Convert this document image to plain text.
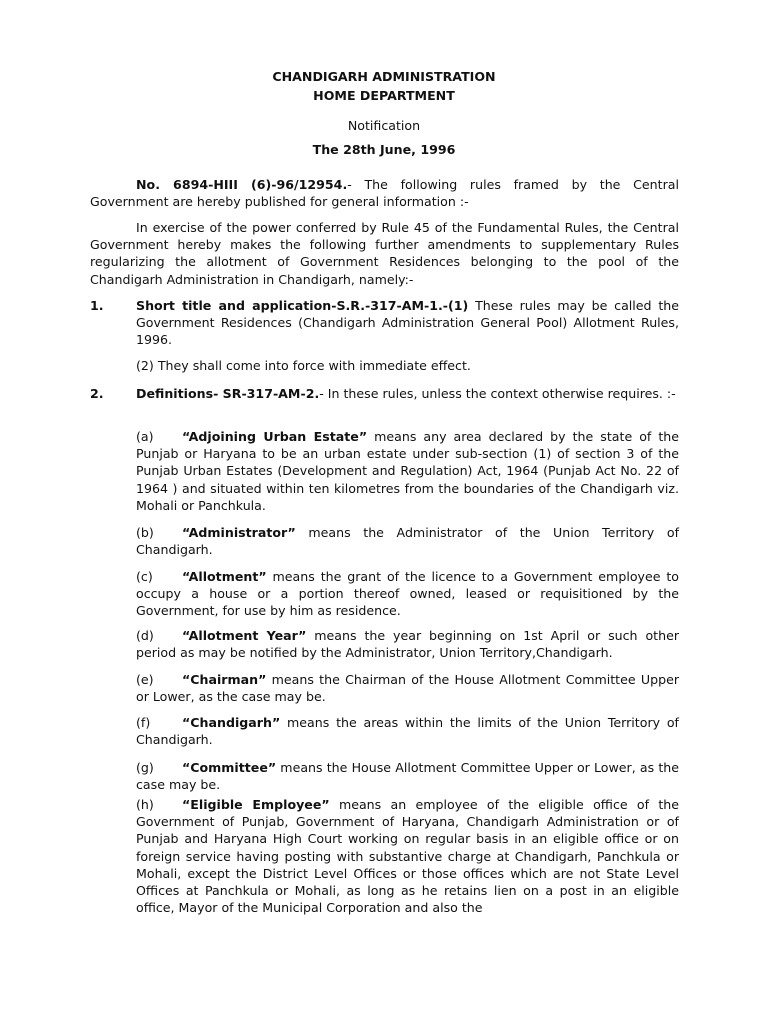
CHANDIGARH ADMINISTRATION
HOME DEPARTMENT
Notification
The 28th June, 1996
No. 6894-HIII (6)-96/12954.- The following rules framed by the Central Government are hereby published for general information :-
In exercise of the power conferred by Rule 45 of the Fundamental Rules, the Central Government hereby makes the following further amendments to supplementary Rules regularizing the allotment of Government Residences belonging to the pool of the Chandigarh Administration in Chandigarh, namely:-
1.	Short title and application-S.R.-317-AM-1.-(1) These rules may be called the Government Residences (Chandigarh Administration General Pool) Allotment Rules, 1996.
(2) They shall come into force with immediate effect.
2.	Definitions- SR-317-AM-2.- In these rules, unless the context otherwise requires. :-
(a) “Adjoining Urban Estate” means any area declared by the state of the Punjab or Haryana to be an urban estate under sub-section (1) of section 3 of the Punjab Urban Estates (Development and Regulation) Act, 1964 (Punjab Act No. 22 of 1964 ) and situated within ten kilometres from the boundaries of the Chandigarh viz. Mohali or Panchkula.
(b) “Administrator” means the Administrator of the Union Territory of Chandigarh.
(c) “Allotment” means the grant of the licence to a Government employee to occupy a house or a portion thereof owned, leased or requisitioned by the Government, for use by him as residence.
(d) “Allotment Year” means the year beginning on 1st April or such other period as may be notified by the Administrator, Union Territory,Chandigarh.
(e) “Chairman” means the Chairman of the House Allotment Committee Upper or Lower, as the case may be.
(f)	“Chandigarh” means the areas within the limits of the Union Territory of Chandigarh.
(g) “Committee” means the House Allotment Committee Upper or Lower, as the case may be.
(h) “Eligible Employee” means an employee of the eligible office of the Government of Punjab, Government of Haryana, Chandigarh Administration or of Punjab and Haryana High Court working on regular basis in an eligible office or on foreign service having posting with substantive charge at Chandigarh, Panchkula or Mohali, except the District Level Offices or those offices which are not State Level Offices at Panchkula or Mohali, as long as he retains lien on a post in an eligible office, Mayor of the Municipal Corporation and also the
